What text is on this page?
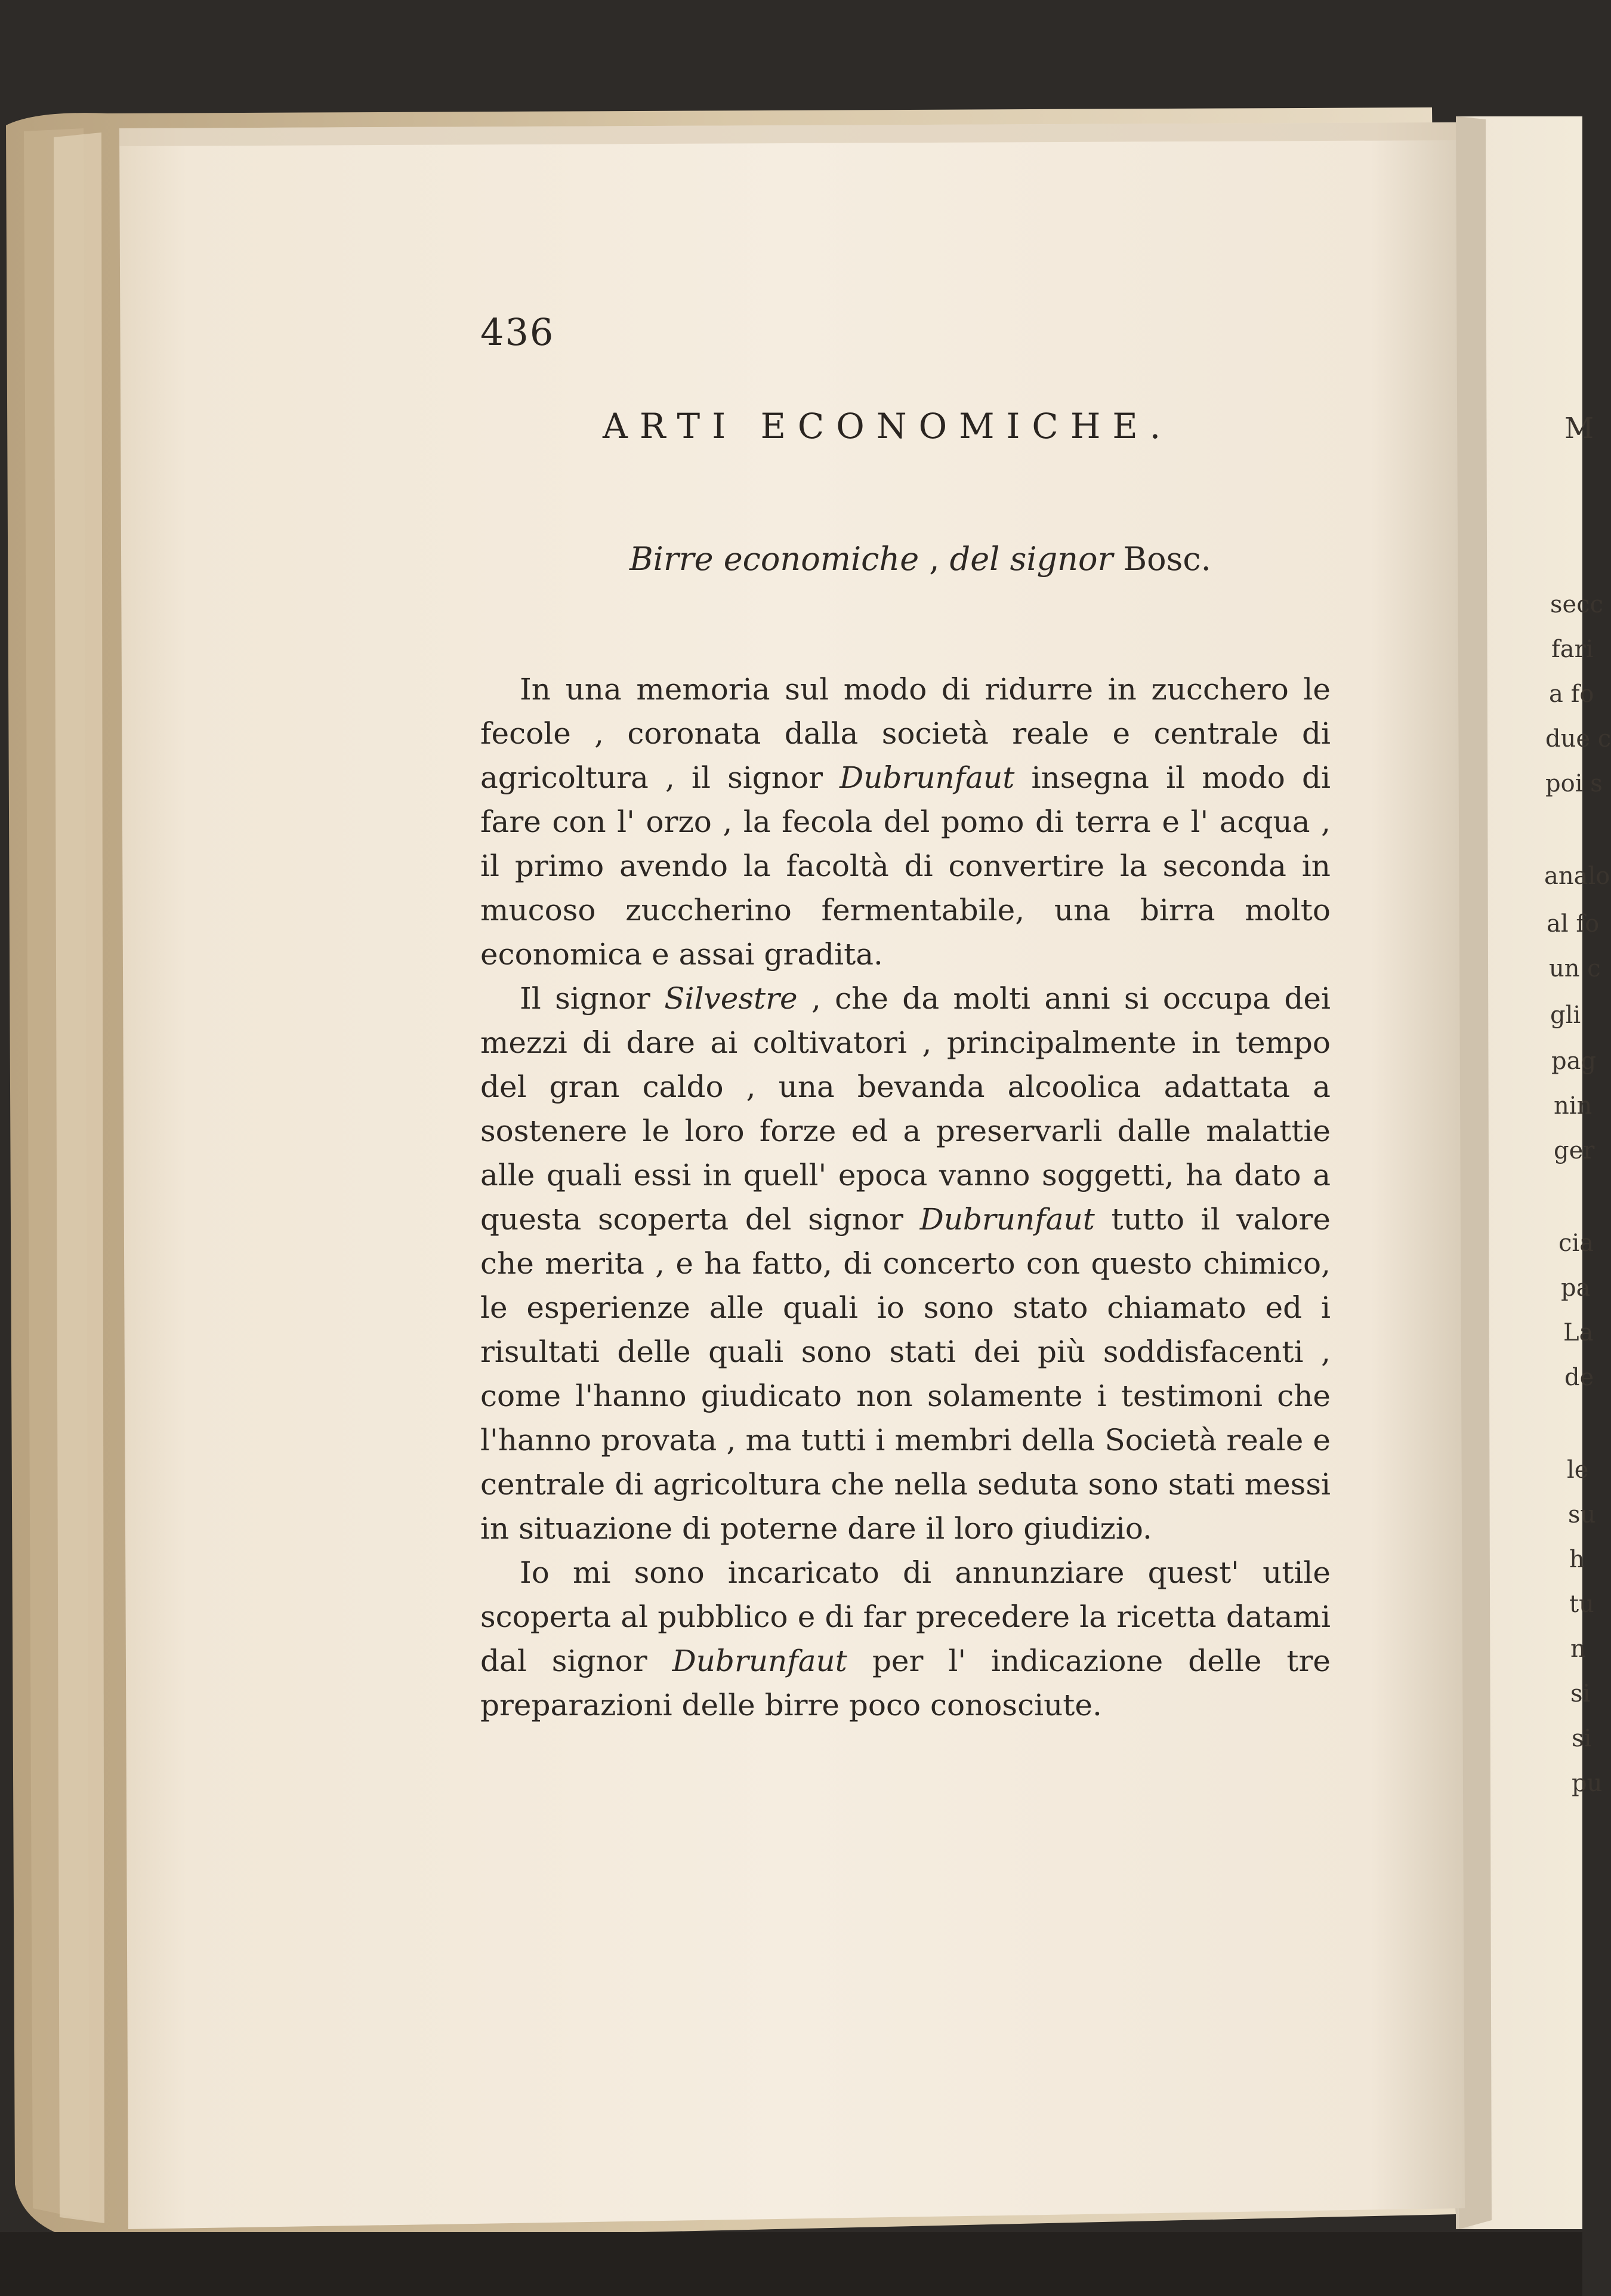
436
ARTI ECONOMICHE.
Birre economiche , del signor Bosc.

In una memoria sul modo di ridurre in zucchero le fecole , coronata dalla società reale e centrale di agricoltura , il signor Dubrunfaut insegna il modo di fare con l' orzo , la fecola del pomo di terra e l' acqua , il primo avendo la facoltà di convertire la seconda in mucoso zuccherino fermentabile, una birra molto economica e assai gradita.

Il signor Silvestre , che da molti anni si occupa dei mezzi di dare ai coltivatori , principalmente in tempo del gran caldo , una bevanda alcoolica adattata a sostenere le loro forze ed a preservarli dalle malattie alle quali essi in quell' epoca vanno soggetti, ha dato a questa scoperta del signor Dubrunfaut tutto il valore che merita , e ha fatto, di concerto con questo chimico, le esperienze alle quali io sono stato chiamato ed i risultati delle quali sono stati dei più soddisfacenti , come l'hanno giudicato non solamente i testimoni che l'hanno provata , ma tutti i membri della Società reale e centrale di agricoltura che nella seduta sono stati messi in situazione di poterne dare il loro giudizio.

Io mi sono incaricato di annunziare quest' utile scoperta al pubblico e di far precedere la ricetta datami dal signor Dubrunfaut per l' indicazione delle tre preparazioni delle birre poco conosciute.

M
secc
fari
a fo
due c
poi s
analo
al fo
un c
gli
pag
nin
ger
cia
pa
La
de
le
su
h
tu
n
si
si
pu
